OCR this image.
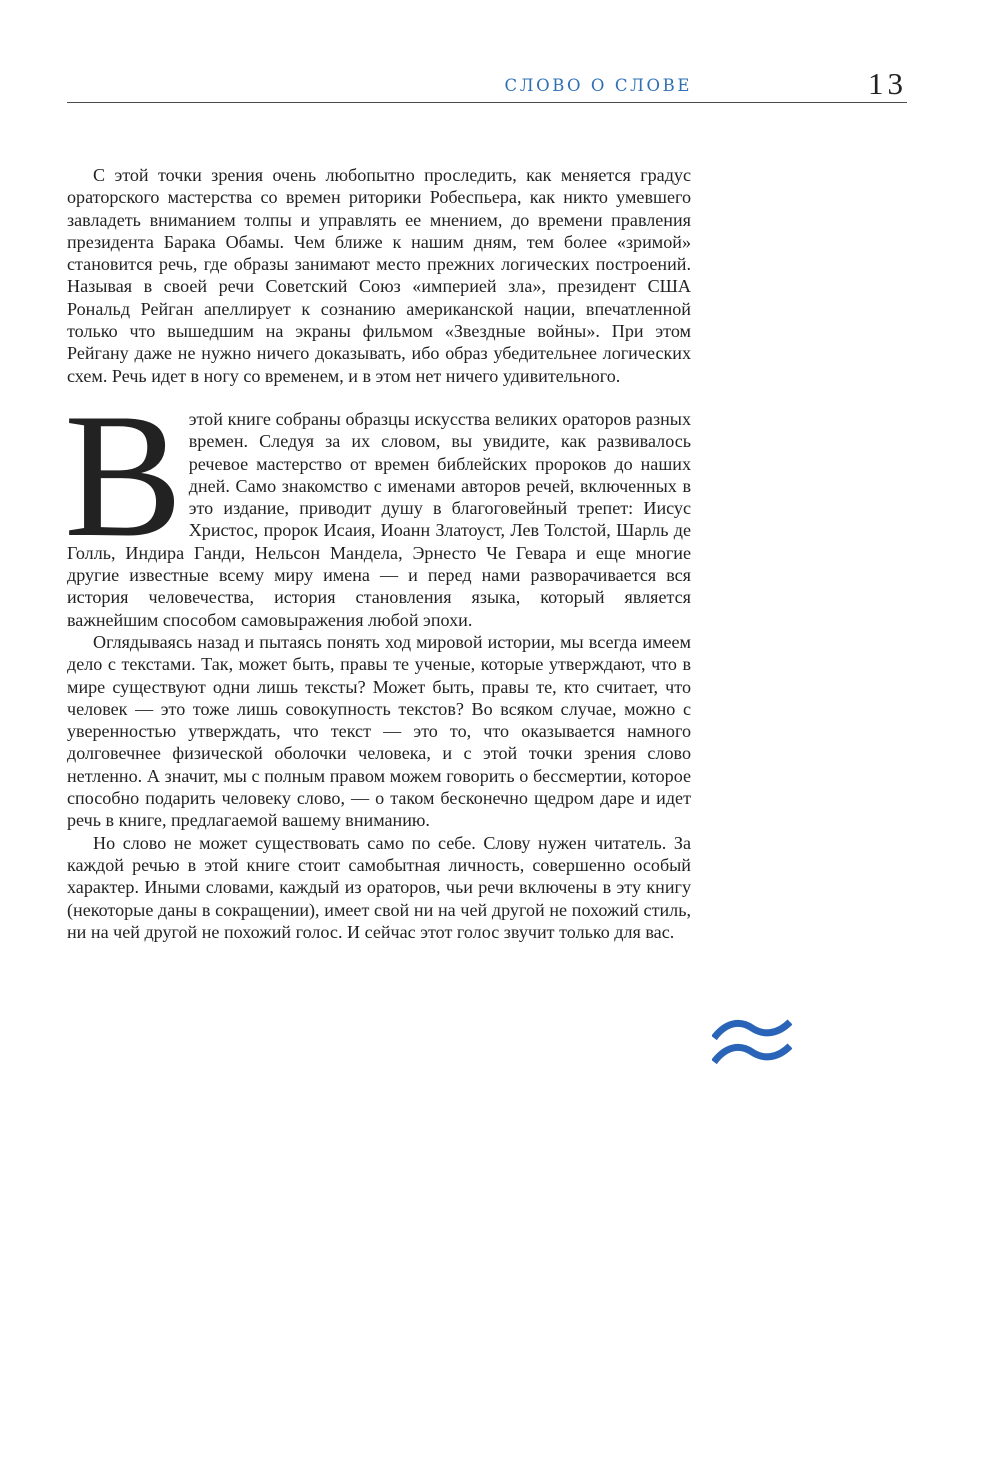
СЛОВО О СЛОВЕ	13

С этой точки зрения очень любопытно проследить, как меняется градус ораторского мастерства со времен риторики Робеспьера, как никто умевшего завладеть вниманием толпы и управлять ее мнением, до времени правления президента Барака Обамы. Чем ближе к нашим дням, тем более «зримой» становится речь, где образы занимают место прежних логических построений. Называя в своей речи Советский Союз «империей зла», президент США Рональд Рейган апеллирует к сознанию американской нации, впечатленной только что вышедшим на экраны фильмом «Звездные войны». При этом Рейгану даже не нужно ничего доказывать, ибо образ убедительнее логических схем. Речь идет в ногу со временем, и в этом нет ничего удивительного.

Вэтой книге собраны образцы искусства великих ораторов разных времен. Следуя за их словом, вы увидите, как развивалось речевое мастерство от времен библейских пророков до наших дней. Само знакомство с именами авторов речей, включенных в это издание, приводит душу в благоговейный трепет: Иисус Христос, пророк Исаия, Иоанн Златоуст, Лев Толстой, Шарль де Голль, Индира Ганди, Нельсон Мандела, Эрнесто Че Гевара и еще многие другие известные всему миру имена — и перед нами разворачивается вся история человечества, история становления языка, который является важнейшим способом самовыражения любой эпохи.

Оглядываясь назад и пытаясь понять ход мировой истории, мы всегда имеем дело с текстами. Так, может быть, правы те ученые, которые утверждают, что в мире существуют одни лишь тексты? Может быть, правы те, кто считает, что человек — это тоже лишь совокупность текстов? Во всяком случае, можно с уверенностью утверждать, что текст — это то, что оказывается намного долговечнее физической оболочки человека, и с этой точки зрения слово нетленно. А значит, мы с полным правом можем говорить о бессмертии, которое способно подарить человеку слово, — о таком бесконечно щедром даре и идет речь в книге, предлагаемой вашему вниманию.

Но слово не может существовать само по себе. Слову нужен читатель. За каждой речью в этой книге стоит самобытная личность, совершенно особый характер. Иными словами, каждый из ораторов, чьи речи включены в эту книгу (некоторые даны в сокращении), имеет свой ни на чей другой не похожий стиль, ни на чей другой не похожий голос. И сейчас этот голос звучит только для вас.
